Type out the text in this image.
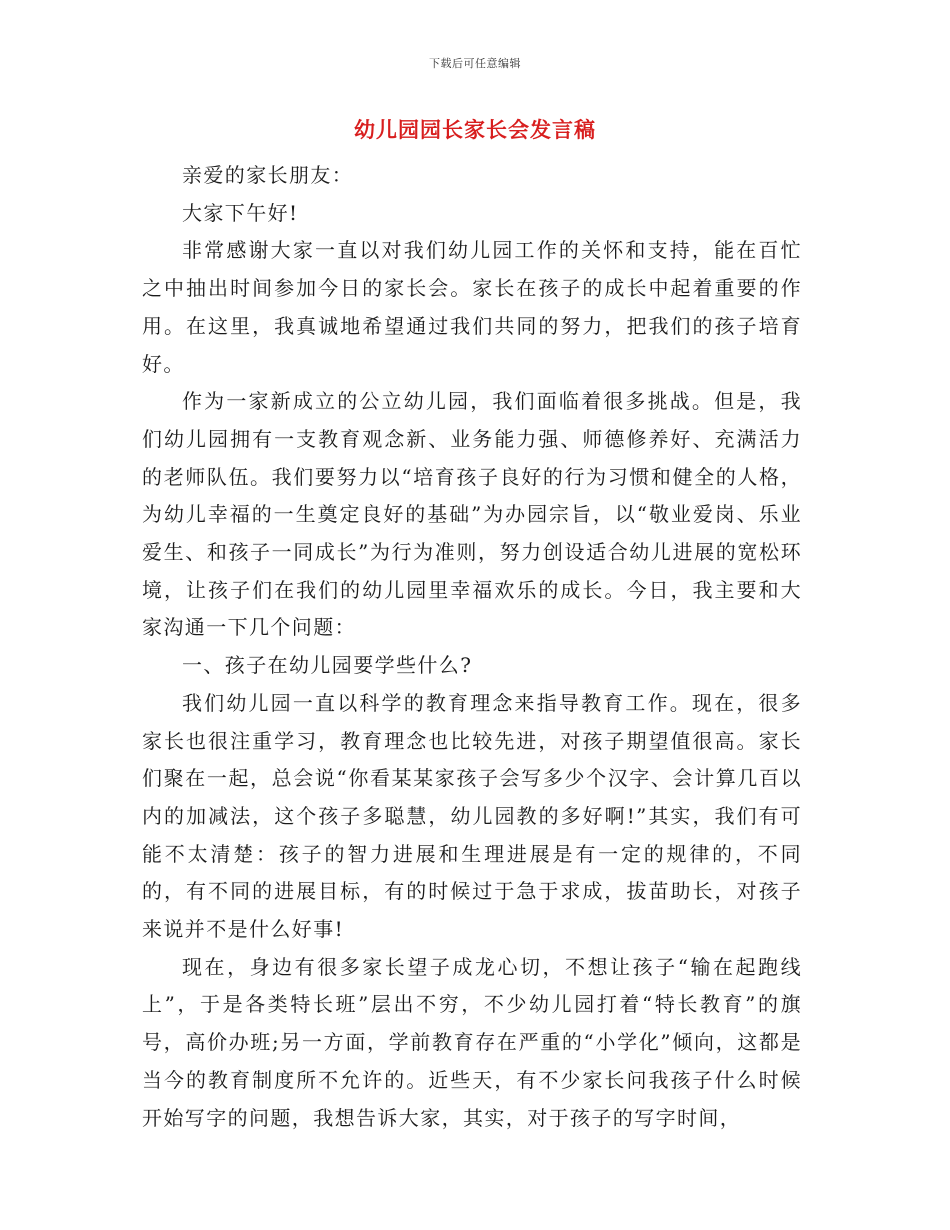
下载后可任意编辑
幼儿园园长家长会发言稿

亲爱的家长朋友：

大家下午好!

非常感谢大家一直以对我们幼儿园工作的关怀和支持，能在百忙之中抽出时间参加今日的家长会。家长在孩子的成长中起着重要的作用。在这里，我真诚地希望通过我们共同的努力，把我们的孩子培育好。

作为一家新成立的公立幼儿园，我们面临着很多挑战。但是，我们幼儿园拥有一支教育观念新、业务能力强、师德修养好、充满活力的老师队伍。我们要努力以“培育孩子良好的行为习惯和健全的人格，为幼儿幸福的一生奠定良好的基础”为办园宗旨，以“敬业爱岗、乐业爱生、和孩子一同成长”为行为准则，努力创设适合幼儿进展的宽松环境，让孩子们在我们的幼儿园里幸福欢乐的成长。今日，我主要和大家沟通一下几个问题：

一、孩子在幼儿园要学些什么?

我们幼儿园一直以科学的教育理念来指导教育工作。现在，很多家长也很注重学习，教育理念也比较先进，对孩子期望值很高。家长们聚在一起，总会说“你看某某家孩子会写多少个汉字、会计算几百以内的加减法，这个孩子多聪慧，幼儿园教的多好啊!”其实，我们有可能不太清楚：孩子的智力进展和生理进展是有一定的规律的，不同的，有不同的进展目标，有的时候过于急于求成，拔苗助长，对孩子来说并不是什么好事!

现在，身边有很多家长望子成龙心切，不想让孩子“输在起跑线上”，于是各类特长班”层出不穷，不少幼儿园打着“特长教育”的旗号，高价办班;另一方面，学前教育存在严重的“小学化”倾向，这都是当今的教育制度所不允许的。近些天，有不少家长问我孩子什么时候开始写字的问题，我想告诉大家，其实，对于孩子的写字时间，
